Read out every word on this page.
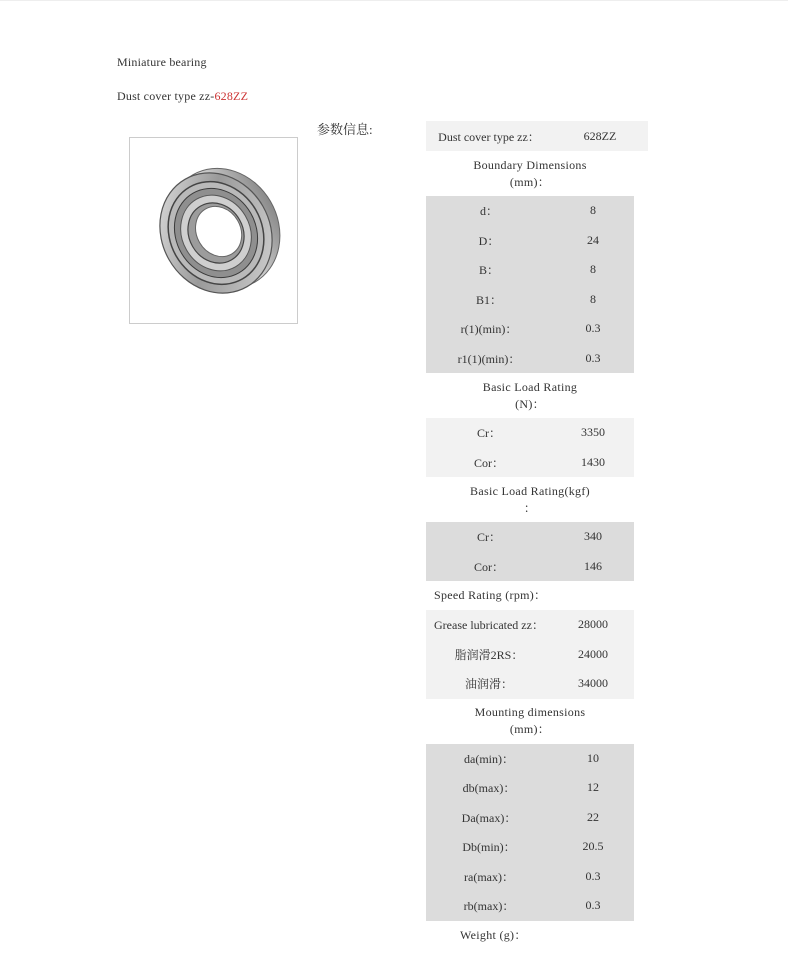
Miniature bearing
Dust cover type zz-628ZZ
参数信息:	Dust cover type zz：	628ZZ
Boundary Dimensions
(mm)：
d：	8
D：	24
B：	8
B1：	8
r(1)(min)：	0.3
r1(1)(min)：	0.3
Basic Load Rating
(N)：
Cr：	3350
Cor：	1430
Basic Load Rating(kgf)
：
Cr：	340
Cor：	146
Speed Rating (rpm)：
Grease lubricated zz：	28000
脂润滑2RS：	24000
油润滑：	34000
Mounting dimensions
(mm)：
da(min)：	10
db(max)：	12
Da(max)：	22
Db(min)：	20.5
ra(max)：	0.3
rb(max)：	0.3
Weight (g)：
